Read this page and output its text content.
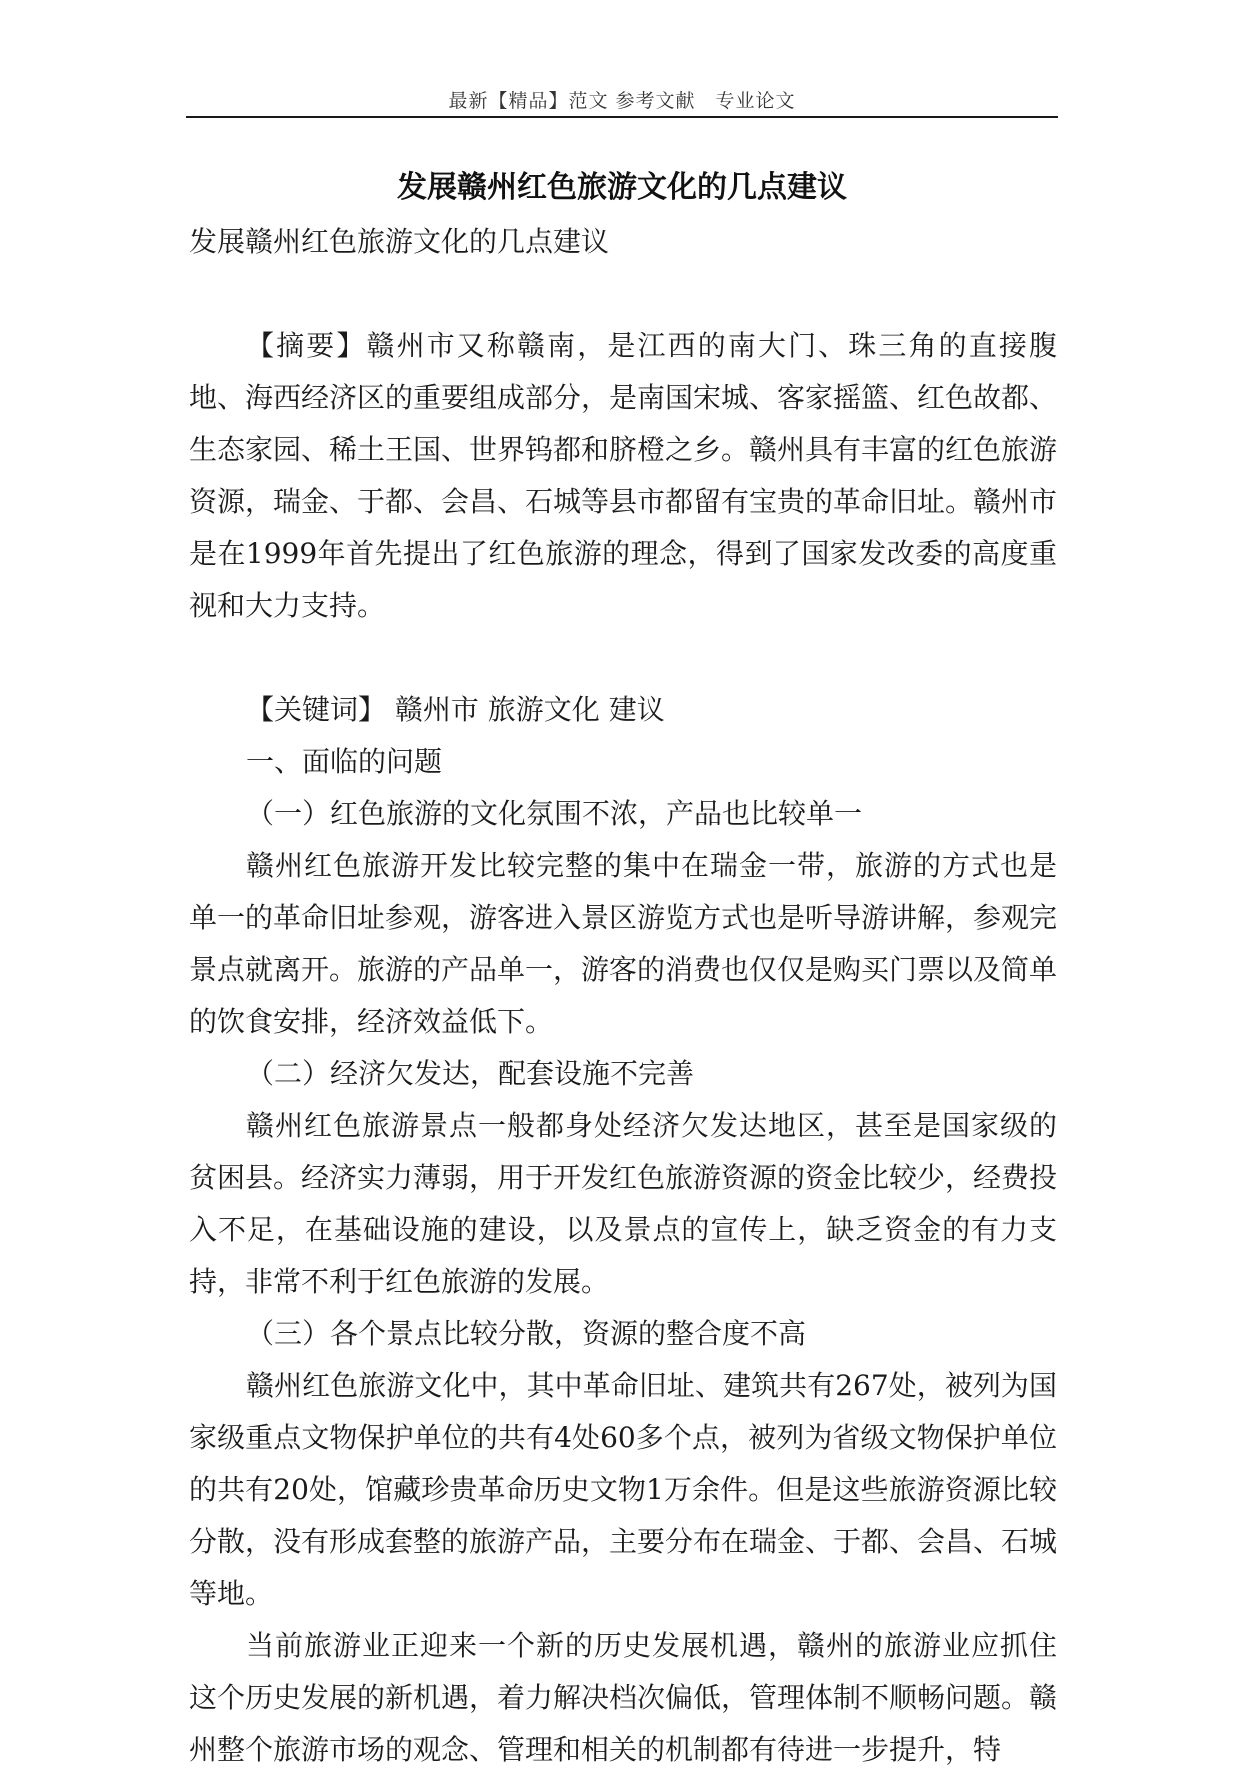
最新【精品】范文 参考文献　专业论文
发展赣州红色旅游文化的几点建议

发展赣州红色旅游文化的几点建议

【摘要】赣州市又称赣南，是江西的南大门、珠三角的直接腹地、海西经济区的重要组成部分，是南国宋城、客家摇篮、红色故都、生态家园、稀土王国、世界钨都和脐橙之乡。赣州具有丰富的红色旅游资源，瑞金、于都、会昌、石城等县市都留有宝贵的革命旧址。赣州市是在1999年首先提出了红色旅游的理念，得到了国家发改委的高度重视和大力支持。

【关键词】 赣州市 旅游文化 建议

一、面临的问题

（一）红色旅游的文化氛围不浓，产品也比较单一

赣州红色旅游开发比较完整的集中在瑞金一带，旅游的方式也是单一的革命旧址参观，游客进入景区游览方式也是听导游讲解，参观完景点就离开。旅游的产品单一，游客的消费也仅仅是购买门票以及简单的饮食安排，经济效益低下。

（二）经济欠发达，配套设施不完善

赣州红色旅游景点一般都身处经济欠发达地区，甚至是国家级的贫困县。经济实力薄弱，用于开发红色旅游资源的资金比较少，经费投入不足，在基础设施的建设，以及景点的宣传上，缺乏资金的有力支持，非常不利于红色旅游的发展。

（三）各个景点比较分散，资源的整合度不高

赣州红色旅游文化中，其中革命旧址、建筑共有267处，被列为国家级重点文物保护单位的共有4处60多个点，被列为省级文物保护单位的共有20处，馆藏珍贵革命历史文物1万余件。但是这些旅游资源比较分散，没有形成套整的旅游产品，主要分布在瑞金、于都、会昌、石城等地。

当前旅游业正迎来一个新的历史发展机遇，赣州的旅游业应抓住这个历史发展的新机遇，着力解决档次偏低，管理体制不顺畅问题。赣州整个旅游市场的观念、管理和相关的机制都有待进一步提升，特
